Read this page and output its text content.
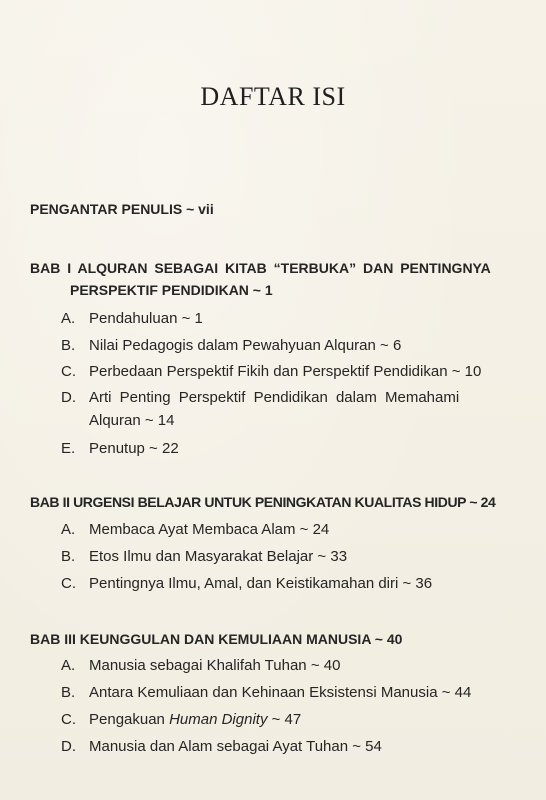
DAFTAR ISI
PENGANTAR PENULIS ~ vii
BAB I ALQURAN SEBAGAI KITAB “TERBUKA” DAN PENTINGNYA
PERSPEKTIF PENDIDIKAN ~ 1
A. Pendahuluan ~ 1
B. Nilai Pedagogis dalam Pewahyuan Alquran ~ 6
C. Perbedaan Perspektif Fikih dan Perspektif Pendidikan ~ 10
D. Arti Penting Perspektif Pendidikan dalam Memahami
Alquran ~ 14
E. Penutup ~ 22
BAB II URGENSI BELAJAR UNTUK PENINGKATAN KUALITAS HIDUP ~ 24
A. Membaca Ayat Membaca Alam ~ 24
B. Etos Ilmu dan Masyarakat Belajar ~ 33
C. Pentingnya Ilmu, Amal, dan Keistikamahan diri ~ 36
BAB III KEUNGGULAN DAN KEMULIAAN MANUSIA ~ 40
A. Manusia sebagai Khalifah Tuhan ~ 40
B. Antara Kemuliaan dan Kehinaan Eksistensi Manusia ~ 44
C. Pengakuan Human Dignity ~ 47
D. Manusia dan Alam sebagai Ayat Tuhan ~ 54
